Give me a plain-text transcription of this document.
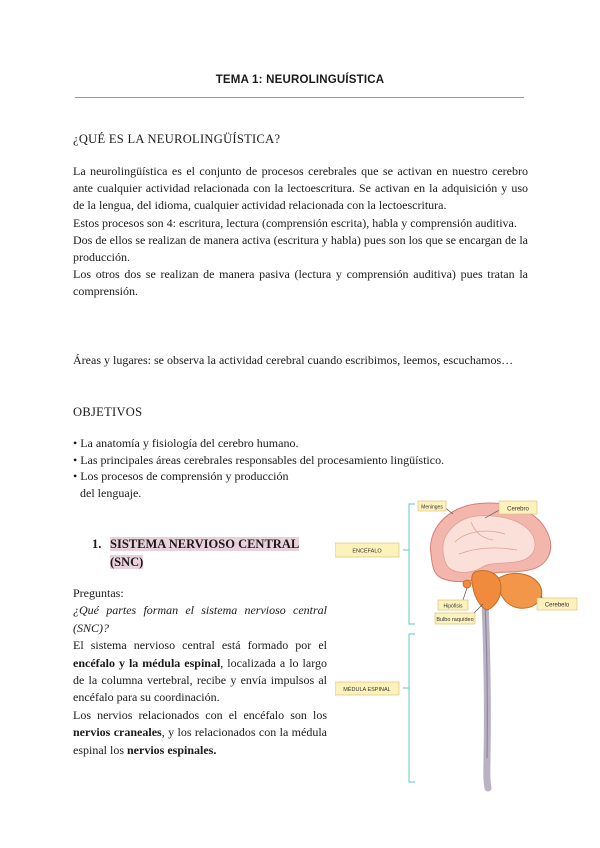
TEMA 1: NEUROLINGUÍSTICA
¿QUÉ ES LA NEUROLINGÜÍSTICA?

La neurolingüística es el conjunto de procesos cerebrales que se activan en nuestro cerebro ante cualquier actividad relacionada con la lectoescritura. Se activan en la adquisición y uso de la lengua, del idioma, cualquier actividad relacionada con la lectoescritura.

Estos procesos son 4: escritura, lectura (comprensión escrita), habla y comprensión auditiva.

Dos de ellos se realizan de manera activa (escritura y habla) pues son los que se encargan de la producción.

Los otros dos se realizan de manera pasiva (lectura y comprensión auditiva) pues tratan la comprensión.

Áreas y lugares: se observa la actividad cerebral cuando escribimos, leemos, escuchamos…
OBJETIVOS
• La anatomía y fisiología del cerebro humano.
• Las principales áreas cerebrales responsables del procesamiento lingüístico.
• Los procesos de comprensión y producción
del lenguaje.
1. SISTEMA NERVIOSO CENTRAL
(SNC)

Preguntas:

¿Qué partes forman el sistema nervioso central (SNC)?

El sistema nervioso central está formado por el encéfalo y la médula espinal, localizada a lo largo de la columna vertebral, recibe y envía impulsos al encéfalo para su coordinación.

Los nervios relacionados con el encéfalo son los nervios craneales, y los relacionados con la médula espinal los nervios espinales.

Meninges	Cerebro
ENCÉFALO
Cerebelo
Hipófisis
Bulbo raquídeo
MÉDULA ESPINAL
